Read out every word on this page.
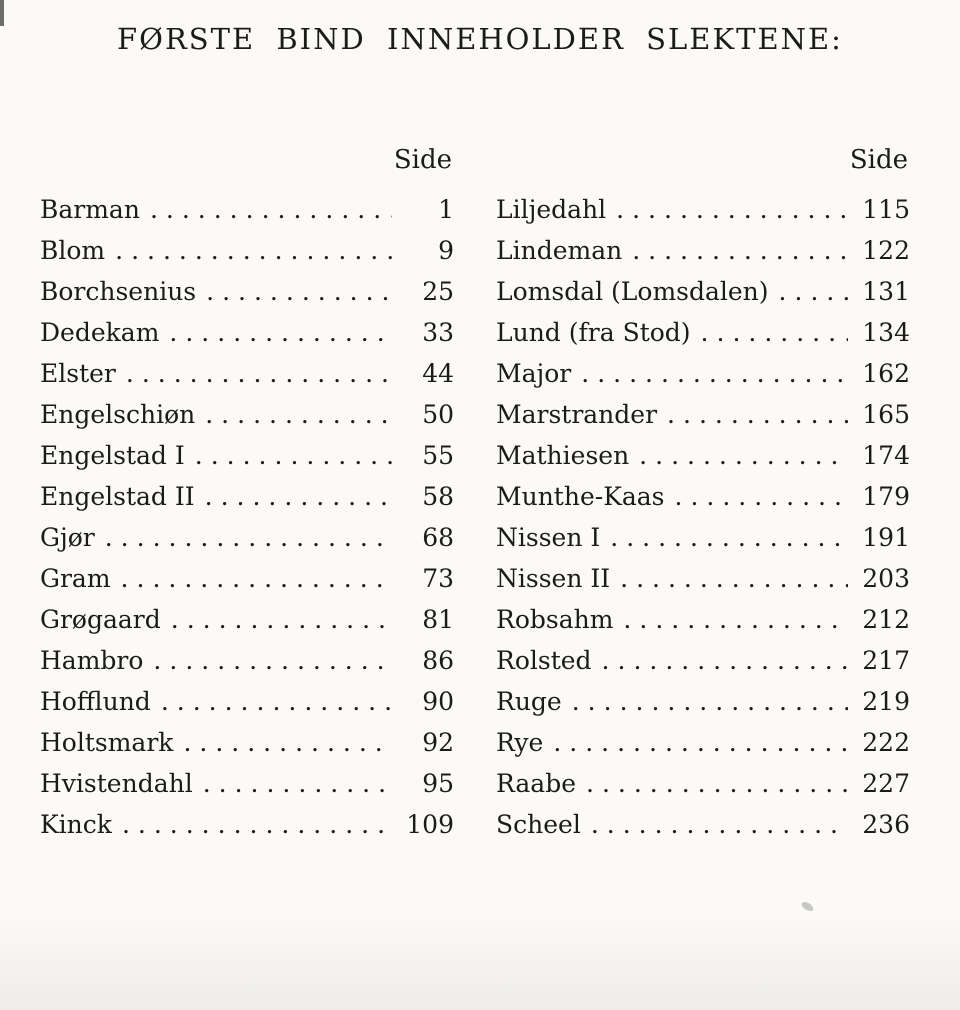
FØRSTE BIND INNEHOLDER SLEKTENE:
Side
Barman .....	1
Blom .....	9
Borchsenius .....	25
Dedekam .....	33
Elster .....	44
Engelschiøn .....	50
Engelstad I .....	55
Engelstad II .....	58
Gjør .....	68
Gram .....	73
Grøgaard .....	81
Hambro .....	86
Hofflund .....	90
Holtsmark .....	92
Hvistendahl .....	95
Kinck .....	109
Side
Liljedahl .....	115
Lindeman .....	122
Lomsdal (Lomsdalen) .....	131
Lund (fra Stod) .....	134
Major .....	162
Marstrander .....	165
Mathiesen .....	174
Munthe-Kaas .....	179
Nissen I .....	191
Nissen II .....	203
Robsahm .....	212
Rolsted .....	217
Ruge .....	219
Rye .....	222
Raabe .....	227
Scheel .....	236
